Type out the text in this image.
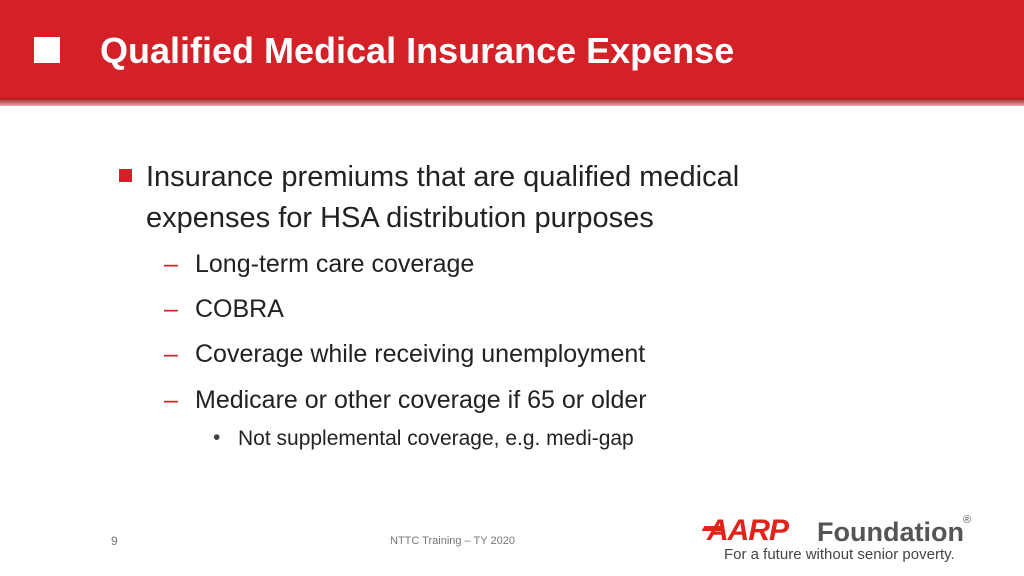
Qualified Medical Insurance Expense
Insurance premiums that are qualified medical expenses for HSA distribution purposes
– Long-term care coverage
– COBRA
– Coverage while receiving unemployment
– Medicare or other coverage if 65 or older
• Not supplemental coverage, e.g. medi-gap
9	NTTC Training – TY 2020	AARP Foundation ®
For a future without senior poverty.
